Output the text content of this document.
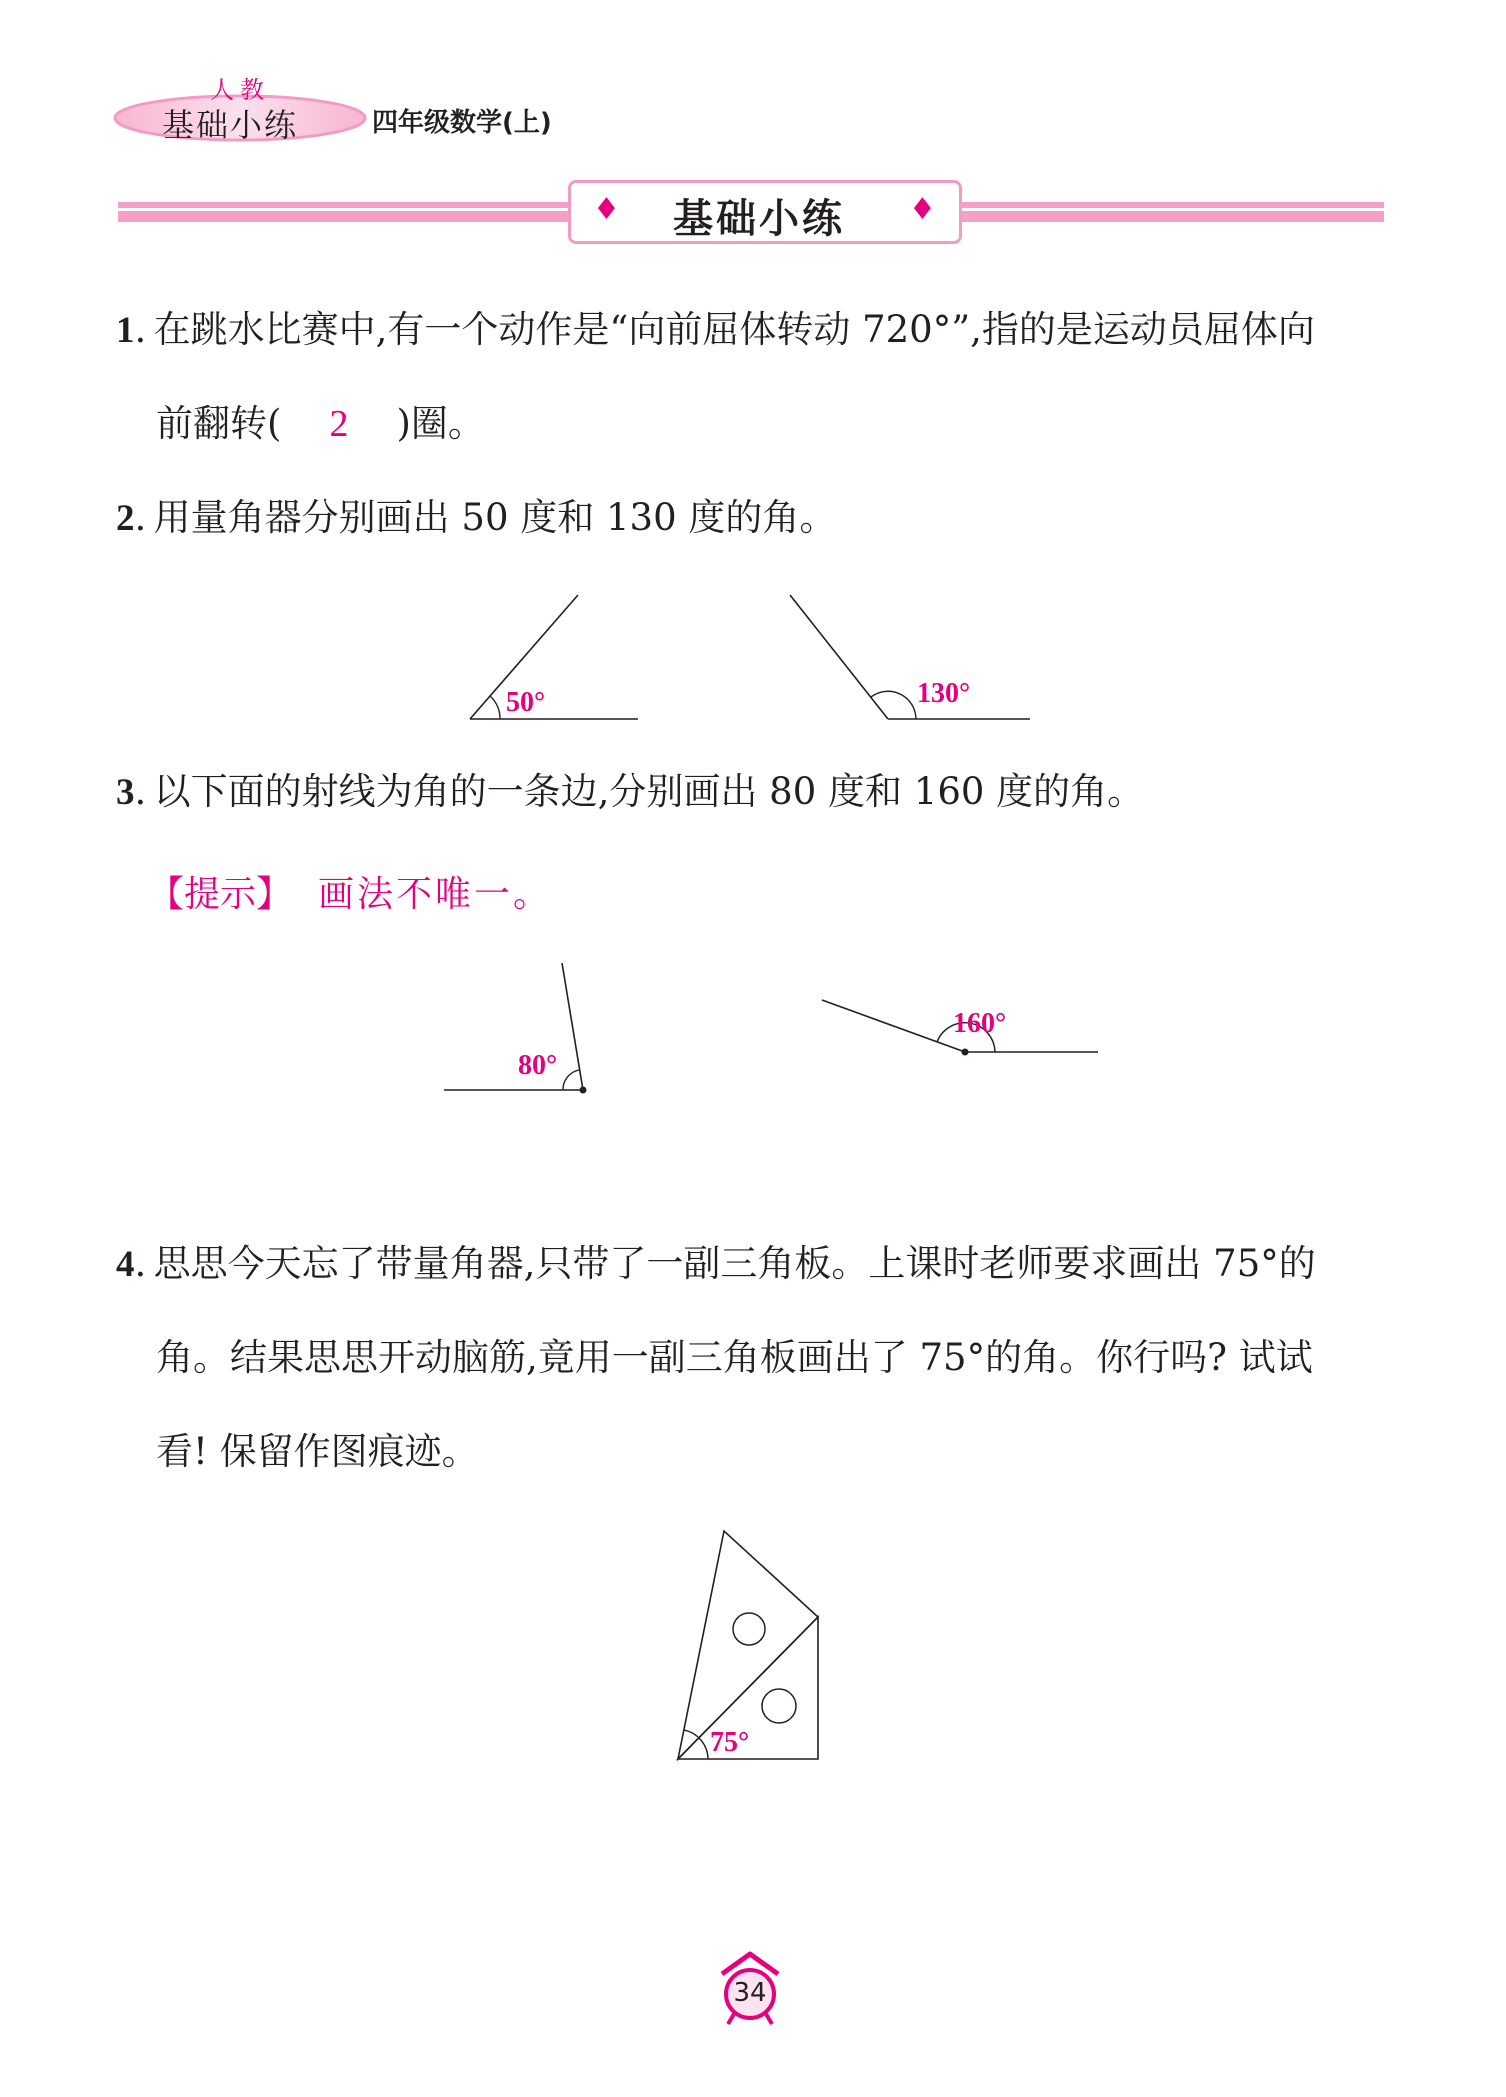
人教
基础小练	四年级数学(上)
♦ 基础小练 ♦
1. 在跳水比赛中,有一个动作是“向前屈体转动 720°”,指的是运动员屈体向
前翻转( 2 )圈。
2. 用量角器分别画出 50 度和 130 度的角。
50°	130°
3. 以下面的射线为角的一条边,分别画出 80 度和 160 度的角。
【提示】 画法不唯一。
80°
160°
4. 思思今天忘了带量角器,只带了一副三角板。上课时老师要求画出 75°的
角。结果思思开动脑筋,竟用一副三角板画出了 75°的角。你行吗? 试试
看! 保留作图痕迹。
75°
34
